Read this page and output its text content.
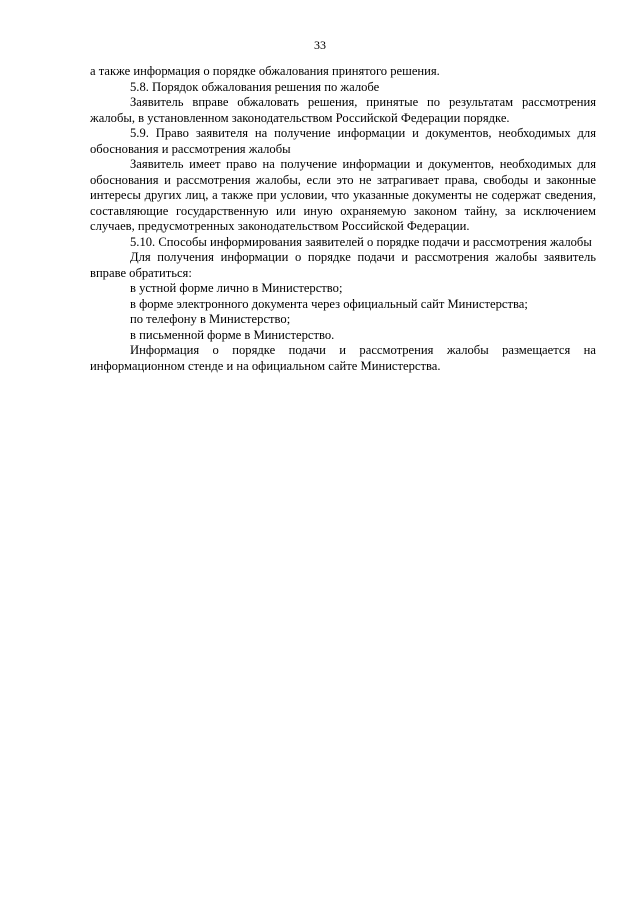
33

а также информация о порядке обжалования принятого решения.

5.8. Порядок обжалования решения по жалобе

Заявитель вправе обжаловать решения, принятые по результатам рассмотрения жалобы, в установленном законодательством Российской Федерации порядке.

5.9. Право заявителя на получение информации и документов, необходимых для обоснования и рассмотрения жалобы

Заявитель имеет право на получение информации и документов, необходимых для обоснования и рассмотрения жалобы, если это не затрагивает права, свободы и законные интересы других лиц, а также при условии, что указанные документы не содержат сведения, составляющие государственную или иную охраняемую законом тайну, за исключением случаев, предусмотренных законодательством Российской Федерации.

5.10. Способы информирования заявителей о порядке подачи и рассмотрения жалобы

Для получения информации о порядке подачи и рассмотрения жалобы заявитель вправе обратиться:

в устной форме лично в Министерство;

в форме электронного документа через официальный сайт Министерства;

по телефону в Министерство;

в письменной форме в Министерство.

Информация о порядке подачи и рассмотрения жалобы размещается на информационном стенде и на официальном сайте Министерства.
